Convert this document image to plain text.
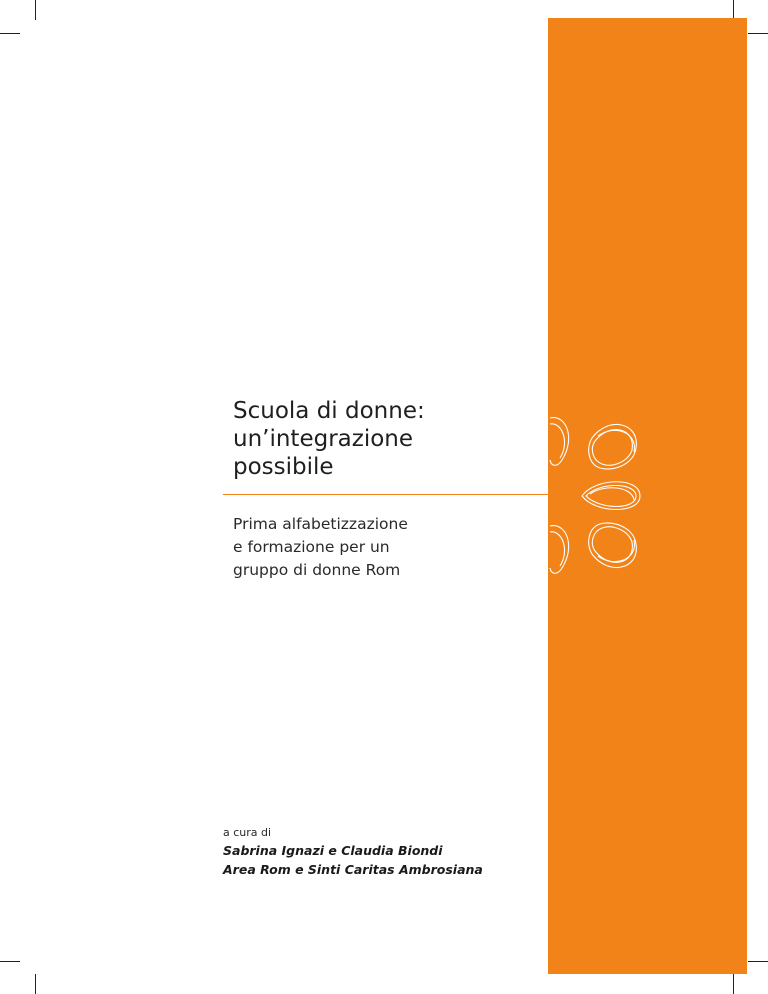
Scuola di donne:
un’integrazione
possibile

Prima alfabetizzazione
e formazione per un
gruppo di donne Rom

a cura di
Sabrina Ignazi e Claudia Biondi
Area Rom e Sinti Caritas Ambrosiana
